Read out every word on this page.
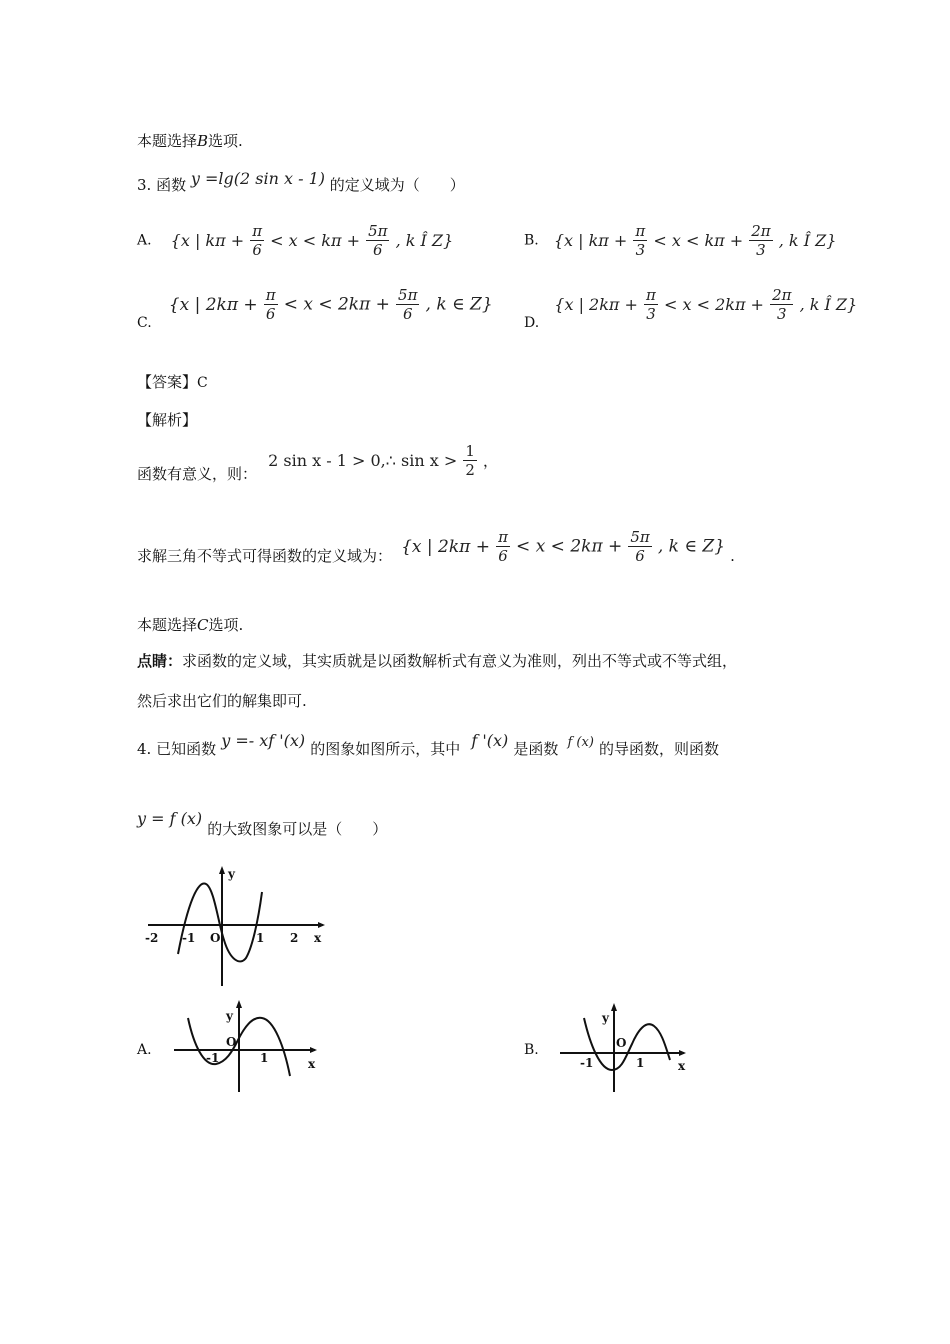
本题选择B选项.
3. 函数 y =lg(2 sin x - 1) 的定义域为（　　）
A. {x | $k\pi + \frac{\pi}{6} < x < k\pi + \frac{5\pi}{6}$ , k Î Z}	B. {x | $k\pi + \frac{\pi}{3} < x < k\pi + \frac{2\pi}{3}$ , k Î Z}
C. {x | $2k\pi + \frac{\pi}{6} < x < 2k\pi + \frac{5\pi}{6}$ , k ∈ Z}
D. {x | $2k\pi + \frac{\pi}{3} < x < 2k\pi + \frac{2\pi}{3}$ , k Î Z}
【答案】C
【解析】
函数有意义，则： 2 sin x - 1 > 0,∴ $\sin x > \frac{1}{2}$ ，
求解三角不等式可得函数的定义域为： {x | $2k\pi + \frac{\pi}{6} < x < 2k\pi + \frac{5\pi}{6}$ , k ∈ Z} .
本题选择C选项.
点睛：求函数的定义域，其实质就是以函数解析式有意义为准则，列出不等式或不等式组，
然后求出它们的解集即可.
4. 已知函数 y =- xf '(x) 的图象如图所示，其中 f '(x) 是函数 f (x) 的导函数，则函数
y = f (x) 的大致图象可以是（　　）
-2 -1 O	1 2 x
y
A.	-1
O
1	x
y
B.
-1
O
1	x
y
